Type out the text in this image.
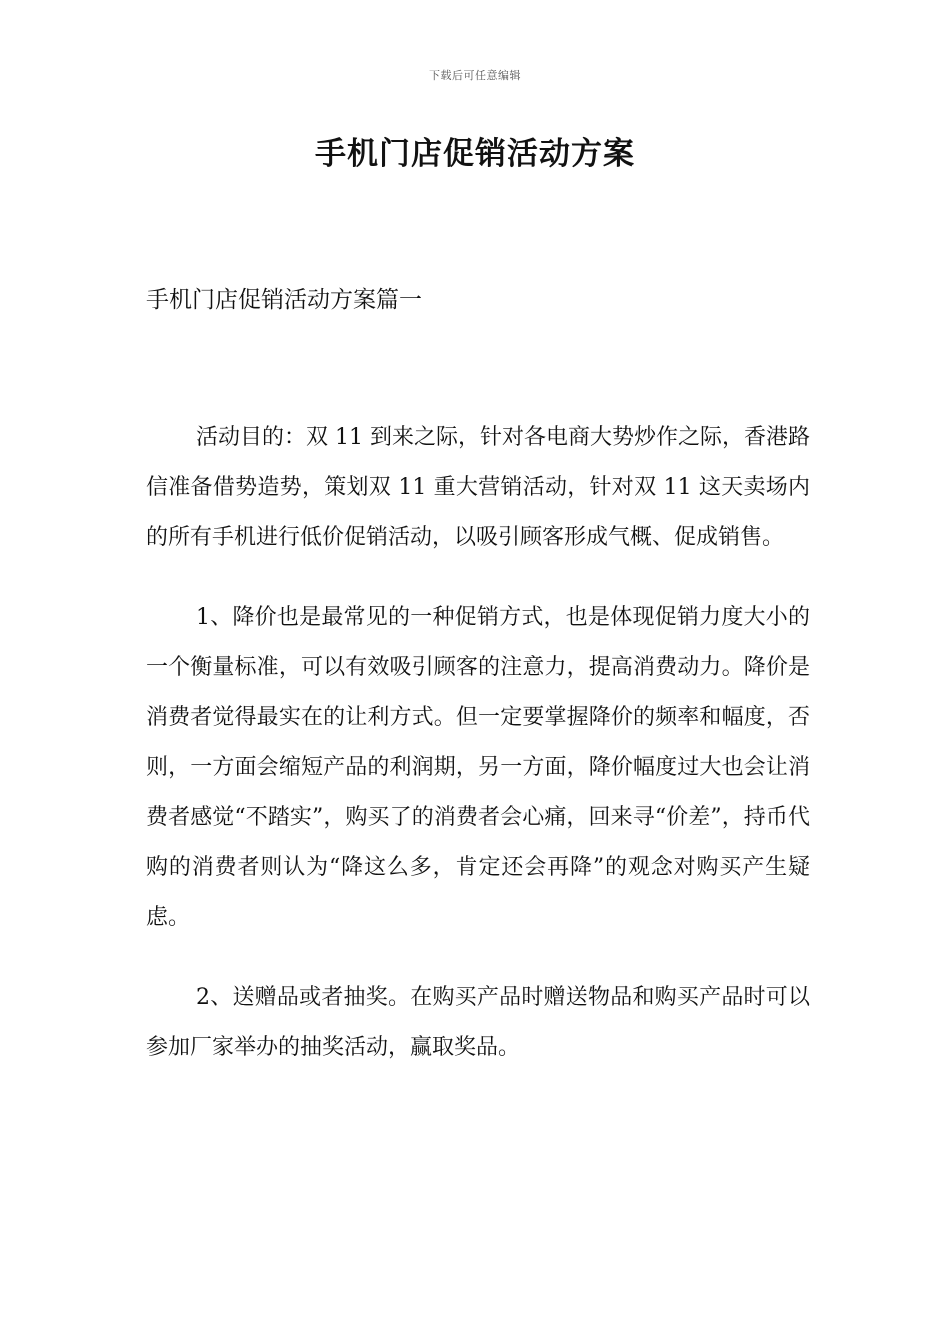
下载后可任意编辑
手机门店促销活动方案

手机门店促销活动方案篇一

活动目的：双 11 到来之际，针对各电商大势炒作之际，香港路信准备借势造势，策划双 11 重大营销活动，针对双 11 这天卖场内的所有手机进行低价促销活动，以吸引顾客形成气概、促成销售。

1、降价也是最常见的一种促销方式，也是体现促销力度大小的一个衡量标准，可以有效吸引顾客的注意力，提高消费动力。降价是消费者觉得最实在的让利方式。但一定要掌握降价的频率和幅度，否则，一方面会缩短产品的利润期，另一方面，降价幅度过大也会让消费者感觉“不踏实”，购买了的消费者会心痛，回来寻“价差”，持币代购的消费者则认为“降这么多，肯定还会再降”的观念对购买产生疑虑。

2、送赠品或者抽奖。在购买产品时赠送物品和购买产品时可以参加厂家举办的抽奖活动，赢取奖品。
